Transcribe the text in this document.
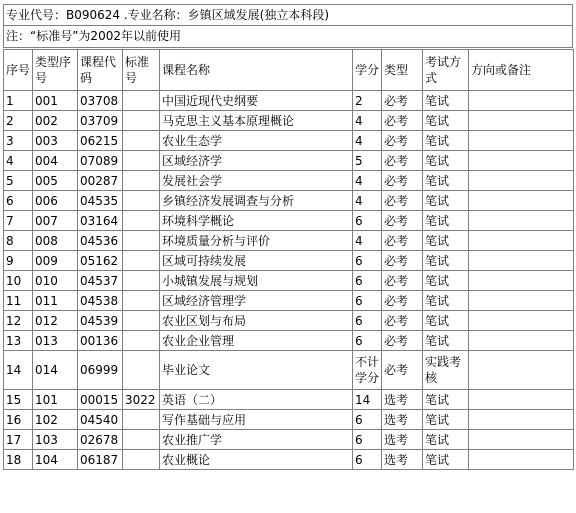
专业代号：B090624 .专业名称：乡镇区域发展(独立本科段)
注：“标准号”为2002年以前使用
序号	类型序号	课程代码	标准号	课程名称	学分	类型	考试方式	方向或备注
1	001	03708		中国近现代史纲要	2	必考	笔试	
2	002	03709		马克思主义基本原理概论	4	必考	笔试	
3	003	06215		农业生态学	4	必考	笔试	
4	004	07089		区域经济学	5	必考	笔试	
5	005	00287		发展社会学	4	必考	笔试	
6	006	04535		乡镇经济发展调查与分析	4	必考	笔试	
7	007	03164		环境科学概论	6	必考	笔试	
8	008	04536		环境质量分析与评价	4	必考	笔试	
9	009	05162		区域可持续发展	6	必考	笔试	
10	010	04537		小城镇发展与规划	6	必考	笔试	
11	011	04538		区域经济管理学	6	必考	笔试	
12	012	04539		农业区划与布局	6	必考	笔试	
13	013	00136		农业企业管理	6	必考	笔试	
14	014	06999		毕业论文	不计学分	必考	实践考核	
15	101	00015	3022	英语（二）	14	选考	笔试	
16	102	04540		写作基础与应用	6	选考	笔试	
17	103	02678		农业推广学	6	选考	笔试	
18	104	06187		农业概论	6	选考	笔试	
